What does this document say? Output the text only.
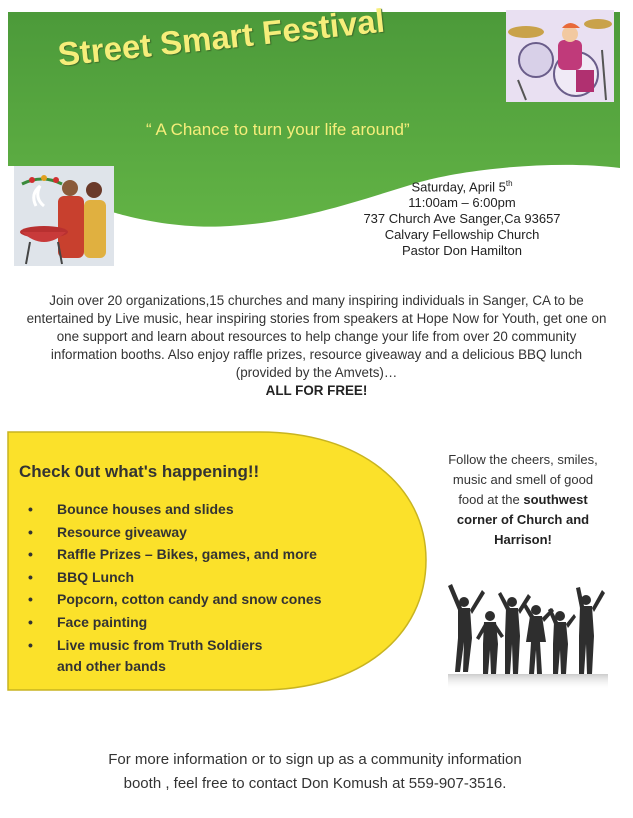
Street Smart Festival
“ A Chance to turn your life around”
Saturday, April 5th
11:00am – 6:00pm
737 Church Ave Sanger,Ca 93657
Calvary Fellowship Church
Pastor Don Hamilton
Join over 20 organizations,15 churches and many inspiring individuals in Sanger, CA to be entertained by Live music, hear inspiring stories from speakers at Hope Now for Youth, get one on one support and learn about resources to help change your life from over 20 community information booths. Also enjoy raffle prizes, resource giveaway and a delicious BBQ lunch (provided by the Amvets)…
ALL FOR FREE!
Check 0ut what's happening!!
• Bounce houses and slides
• Resource giveaway
• Raffle Prizes – Bikes, games, and more
• BBQ Lunch
• Popcorn, cotton candy and snow cones
• Face painting
• Live music from Truth Soldiers
and other bands
Follow the cheers, smiles, music and smell of good food at the southwest corner of Church and Harrison!
For more information or to sign up as a community information
booth , feel free to contact Don Komush at 559-907-3516.
